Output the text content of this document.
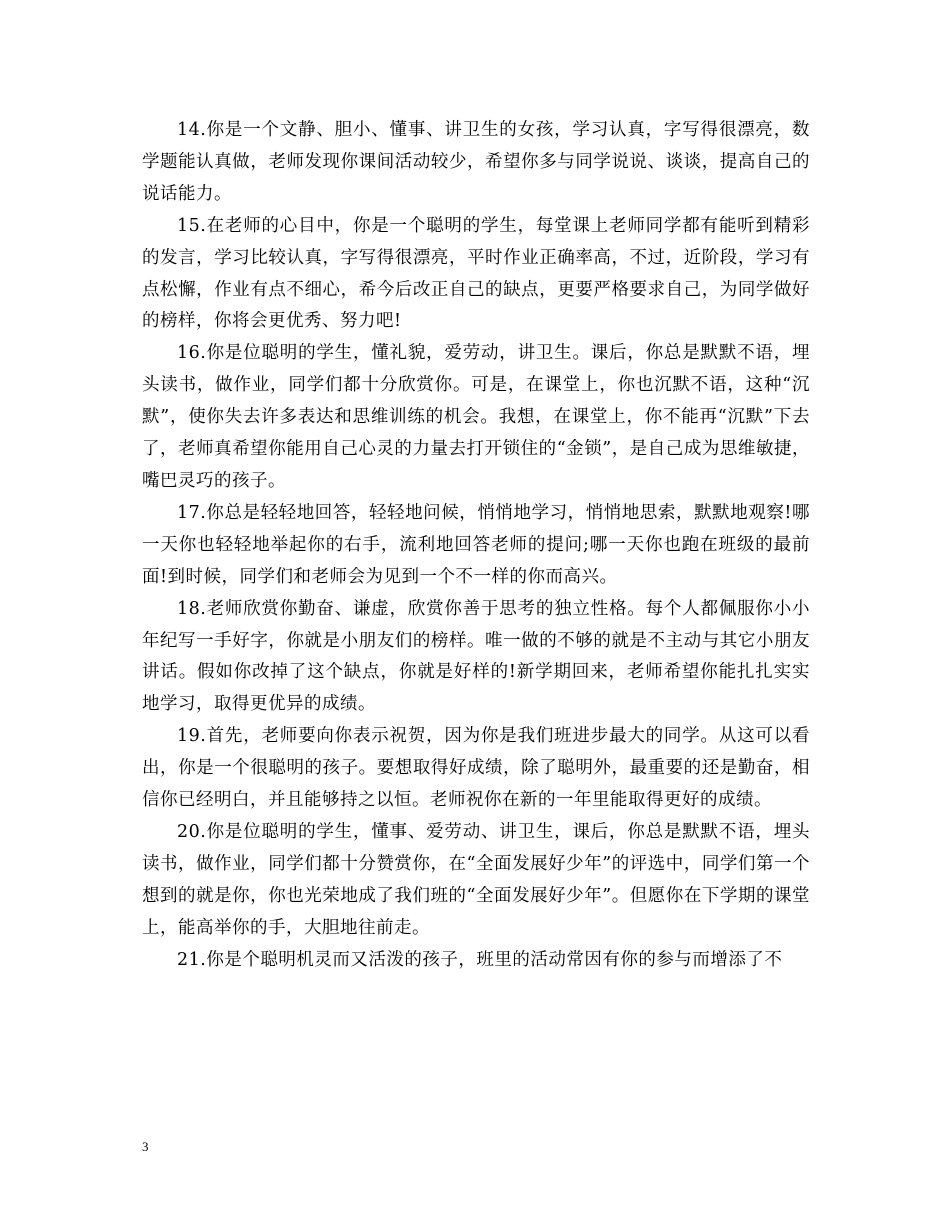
14.你是一个文静、胆小、懂事、讲卫生的女孩，学习认真，字写得很漂亮，数学题能认真做，老师发现你课间活动较少，希望你多与同学说说、谈谈，提高自己的说话能力。

15.在老师的心目中，你是一个聪明的学生，每堂课上老师同学都有能听到精彩的发言，学习比较认真，字写得很漂亮，平时作业正确率高，不过，近阶段，学习有点松懈，作业有点不细心，希今后改正自己的缺点，更要严格要求自己，为同学做好的榜样，你将会更优秀、努力吧!

16.你是位聪明的学生，懂礼貌，爱劳动，讲卫生。课后，你总是默默不语，埋头读书，做作业，同学们都十分欣赏你。可是，在课堂上，你也沉默不语，这种“沉默”，使你失去许多表达和思维训练的机会。我想，在课堂上，你不能再“沉默”下去了，老师真希望你能用自己心灵的力量去打开锁住的“金锁”，是自己成为思维敏捷，嘴巴灵巧的孩子。

17.你总是轻轻地回答，轻轻地问候，悄悄地学习，悄悄地思索，默默地观察!哪一天你也轻轻地举起你的右手，流利地回答老师的提问;哪一天你也跑在班级的最前面!到时候，同学们和老师会为见到一个不一样的你而高兴。

18.老师欣赏你勤奋、谦虚，欣赏你善于思考的独立性格。每个人都佩服你小小年纪写一手好字，你就是小朋友们的榜样。唯一做的不够的就是不主动与其它小朋友讲话。假如你改掉了这个缺点，你就是好样的!新学期回来，老师希望你能扎扎实实地学习，取得更优异的成绩。

19.首先，老师要向你表示祝贺，因为你是我们班进步最大的同学。从这可以看出，你是一个很聪明的孩子。要想取得好成绩，除了聪明外，最重要的还是勤奋，相信你已经明白，并且能够持之以恒。老师祝你在新的一年里能取得更好的成绩。

20.你是位聪明的学生，懂事、爱劳动、讲卫生，课后，你总是默默不语，埋头读书，做作业，同学们都十分赞赏你，在“全面发展好少年”的评选中，同学们第一个想到的就是你，你也光荣地成了我们班的“全面发展好少年”。但愿你在下学期的课堂上，能高举你的手，大胆地往前走。

21.你是个聪明机灵而又活泼的孩子，班里的活动常因有你的参与而增添了不

3
